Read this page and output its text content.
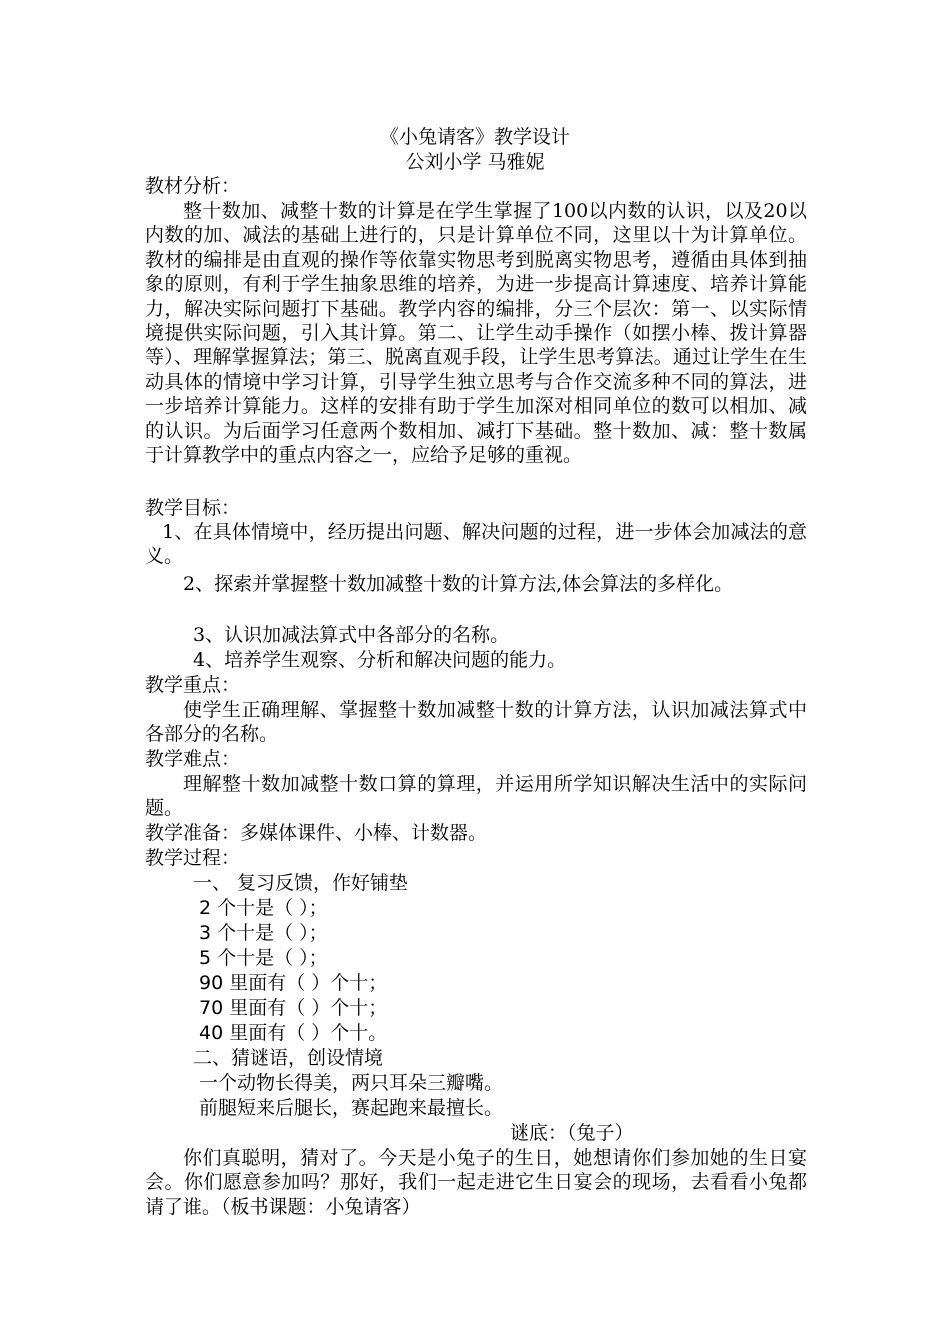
《小兔请客》教学设计
公刘小学 马雅妮
教材分析：
整十数加、减整十数的计算是在学生掌握了100以内数的认识，以及20以内数的加、减法的基础上进行的，只是计算单位不同，这里以十为计算单位。教材的编排是由直观的操作等依靠实物思考到脱离实物思考，遵循由具体到抽象的原则，有利于学生抽象思维的培养，为进一步提高计算速度、培养计算能力，解决实际问题打下基础。教学内容的编排，分三个层次：第一、以实际情境提供实际问题，引入其计算。第二、让学生动手操作（如摆小棒、拨计算器等）、理解掌握算法；第三、脱离直观手段，让学生思考算法。通过让学生在生动具体的情境中学习计算，引导学生独立思考与合作交流多种不同的算法，进一步培养计算能力。这样的安排有助于学生加深对相同单位的数可以相加、减的认识。为后面学习任意两个数相加、减打下基础。整十数加、减：整十数属于计算教学中的重点内容之一，应给予足够的重视。
教学目标：
1、在具体情境中，经历提出问题、解决问题的过程，进一步体会加减法的意义。
2、探索并掌握整十数加减整十数的计算方法,体会算法的多样化。
3、认识加减法算式中各部分的名称。
4、培养学生观察、分析和解决问题的能力。
教学重点：
使学生正确理解、掌握整十数加减整十数的计算方法，认识加减法算式中各部分的名称。
教学难点：
理解整十数加减整十数口算的算理，并运用所学知识解决生活中的实际问题。
教学准备：多媒体课件、小棒、计数器。
教学过程：
一、 复习反馈，作好铺垫
2 个十是（ ）；
3 个十是（ ）；
5 个十是（ ）；
90 里面有（ ）个十；
70 里面有（ ）个十；
40 里面有（ ）个十。
二、猜谜语，创设情境
一个动物长得美，两只耳朵三瓣嘴。
前腿短来后腿长，赛起跑来最擅长。
谜底：（兔子）
你们真聪明，猜对了。今天是小兔子的生日，她想请你们参加她的生日宴会。你们愿意参加吗？那好，我们一起走进它生日宴会的现场，去看看小兔都请了谁。（板书课题：小兔请客）
